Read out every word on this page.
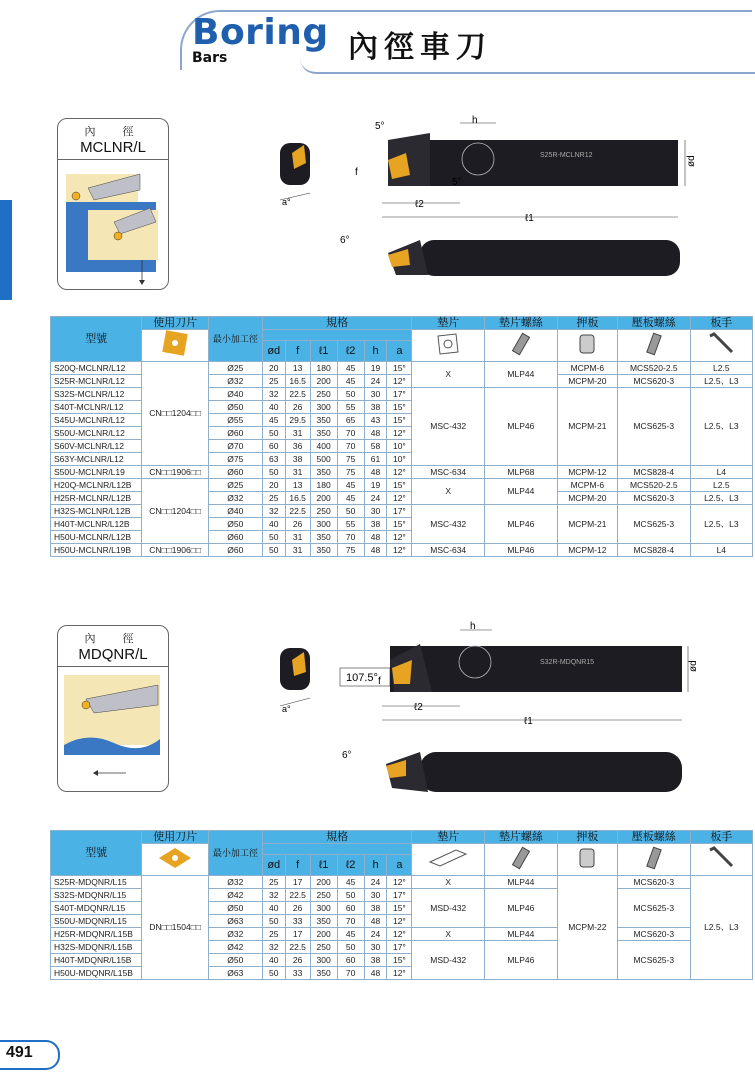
Boring
Bars	內徑車刀
內　徑
MCLNR/L
a°
S25R-MCLNR12
h
5°
5°
ød
f
ℓ2
ℓ1
6°
型號	使用刀片	最小加工徑	規格						墊片	墊片螺絲	押板	壓板螺絲	板手

			ød	f	ℓ1	ℓ2	h	a					
S20Q-MCLNR/L12	CN□□1204□□	Ø25	20	13	180	45	19	15°	X	MLP44	MCPM-6	MCS520-2.5	L2.5
S25R-MCLNR/L12		Ø32	25	16.5	200	45	24	12°			MCPM-20	MCS620-3	L2.5、L3
S32S-MCLNR/L12		Ø40	32	22.5	250	50	30	17°	MSC-432	MLP46	MCPM-21	MCS625-3	L2.5、L3
S40T-MCLNR/L12		Ø50	40	26	300	55	38	15°					
S45U-MCLNR/L12		Ø55	45	29.5	350	65	43	15°					
S50U-MCLNR/L12		Ø60	50	31	350	70	48	12°					
S60V-MCLNR/L12		Ø70	60	36	400	70	58	10°					
S63Y-MCLNR/L12		Ø75	63	38	500	75	61	10°					
S50U-MCLNR/L19	CN□□1906□□	Ø60	50	31	350	75	48	12°	MSC-634	MLP68	MCPM-12	MCS828-4	L4
H20Q-MCLNR/L12B	CN□□1204□□	Ø25	20	13	180	45	19	15°	X	MLP44	MCPM-6	MCS520-2.5	L2.5
H25R-MCLNR/L12B		Ø32	25	16.5	200	45	24	12°			MCPM-20	MCS620-3	L2.5、L3
H32S-MCLNR/L12B		Ø40	32	22.5	250	50	30	17°	MSC-432	MLP46	MCPM-21	MCS625-3	L2.5、L3
H40T-MCLNR/L12B		Ø50	40	26	300	55	38	15°					
H50U-MCLNR/L12B		Ø60	50	31	350	70	48	12°					
H50U-MCLNR/L19B	CN□□1906□□	Ø60	50	31	350	75	48	12°	MSC-634	MLP46	MCPM-12	MCS828-4	L4
內　徑
MDQNR/L
a°
107.5°
S32R-MDQNR15
h
ød
f
ℓ2
ℓ1
6°
型號	使用刀片	最小加工徑	規格						墊片	墊片螺絲	押板	壓板螺絲	板手

			ød	f	ℓ1	ℓ2	h	a					
S25R-MDQNR/L15	DN□□1504□□	Ø32	25	17	200	45	24	12°	X	MLP44	MCPM-22	MCS620-3	L2.5、L3
S32S-MDQNR/L15		Ø42	32	22.5	250	50	30	17°	MSD-432	MLP46		MCS625-3	
S40T-MDQNR/L15		Ø50	40	26	300	60	38	15°					
S50U-MDQNR/L15		Ø63	50	33	350	70	48	12°					
H25R-MDQNR/L15B		Ø32	25	17	200	45	24	12°	X	MLP44		MCS620-3	
H32S-MDQNR/L15B		Ø42	32	22.5	250	50	30	17°	MSD-432	MLP46		MCS625-3	
H40T-MDQNR/L15B		Ø50	40	26	300	60	38	15°					
H50U-MDQNR/L15B		Ø63	50	33	350	70	48	12°					
491
